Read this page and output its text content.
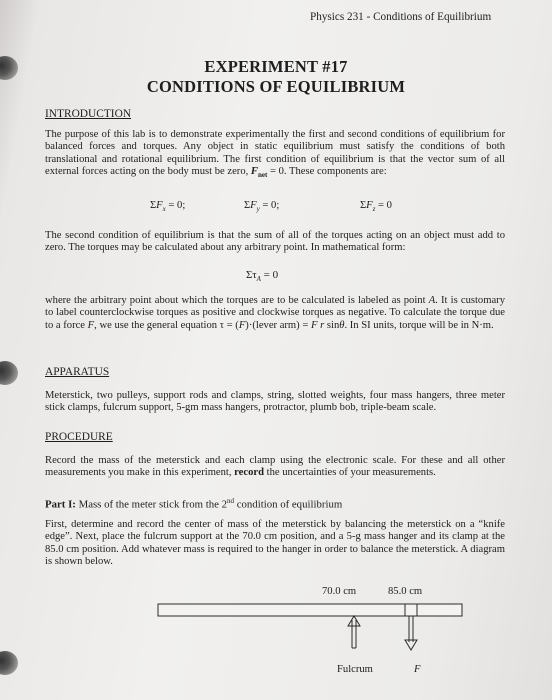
Physics 231 - Conditions of Equilibrium
EXPERIMENT #17
CONDITIONS OF EQUILIBRIUM
INTRODUCTION
The purpose of this lab is to demonstrate experimentally the first and second conditions of equilibrium for balanced forces and torques. Any object in static equilibrium must satisfy the conditions of both translational and rotational equilibrium. The first condition of equilibrium is that the vector sum of all external forces acting on the body must be zero, $F_{net} = 0$. These components are:
$\Sigma F_x = 0$;	$\Sigma F_y = 0$;	$\Sigma F_z = 0$
The second condition of equilibrium is that the sum of all of the torques acting on an object must add to zero. The torques may be calculated about any arbitrary point. In mathematical form:
$\Sigma\tau_A = 0$
where the arbitrary point about which the torques are to be calculated is labeled as point A. It is customary to label counterclockwise torques as positive and clockwise torques as negative. To calculate the torque due to a force F, we use the general equation τ = (F)·(lever arm) = F r sinθ. In SI units, torque will be in N·m.
APPARATUS
Meterstick, two pulleys, support rods and clamps, string, slotted weights, four mass hangers, three meter stick clamps, fulcrum support, 5-gm mass hangers, protractor, plumb bob, triple-beam scale.
PROCEDURE
Record the mass of the meterstick and each clamp using the electronic scale. For these and all other measurements you make in this experiment, record the uncertainties of your measurements.
Part I: Mass of the meter stick from the 2nd condition of equilibrium
First, determine and record the center of mass of the meterstick by balancing the meterstick on a “knife edge”. Next, place the fulcrum support at the 70.0 cm position, and a 5-g mass hanger and its clamp at the 85.0 cm position. Add whatever mass is required to the hanger in order to balance the meterstick. A diagram is shown below.
70.0 cm	85.0 cm
Fulcrum	F
